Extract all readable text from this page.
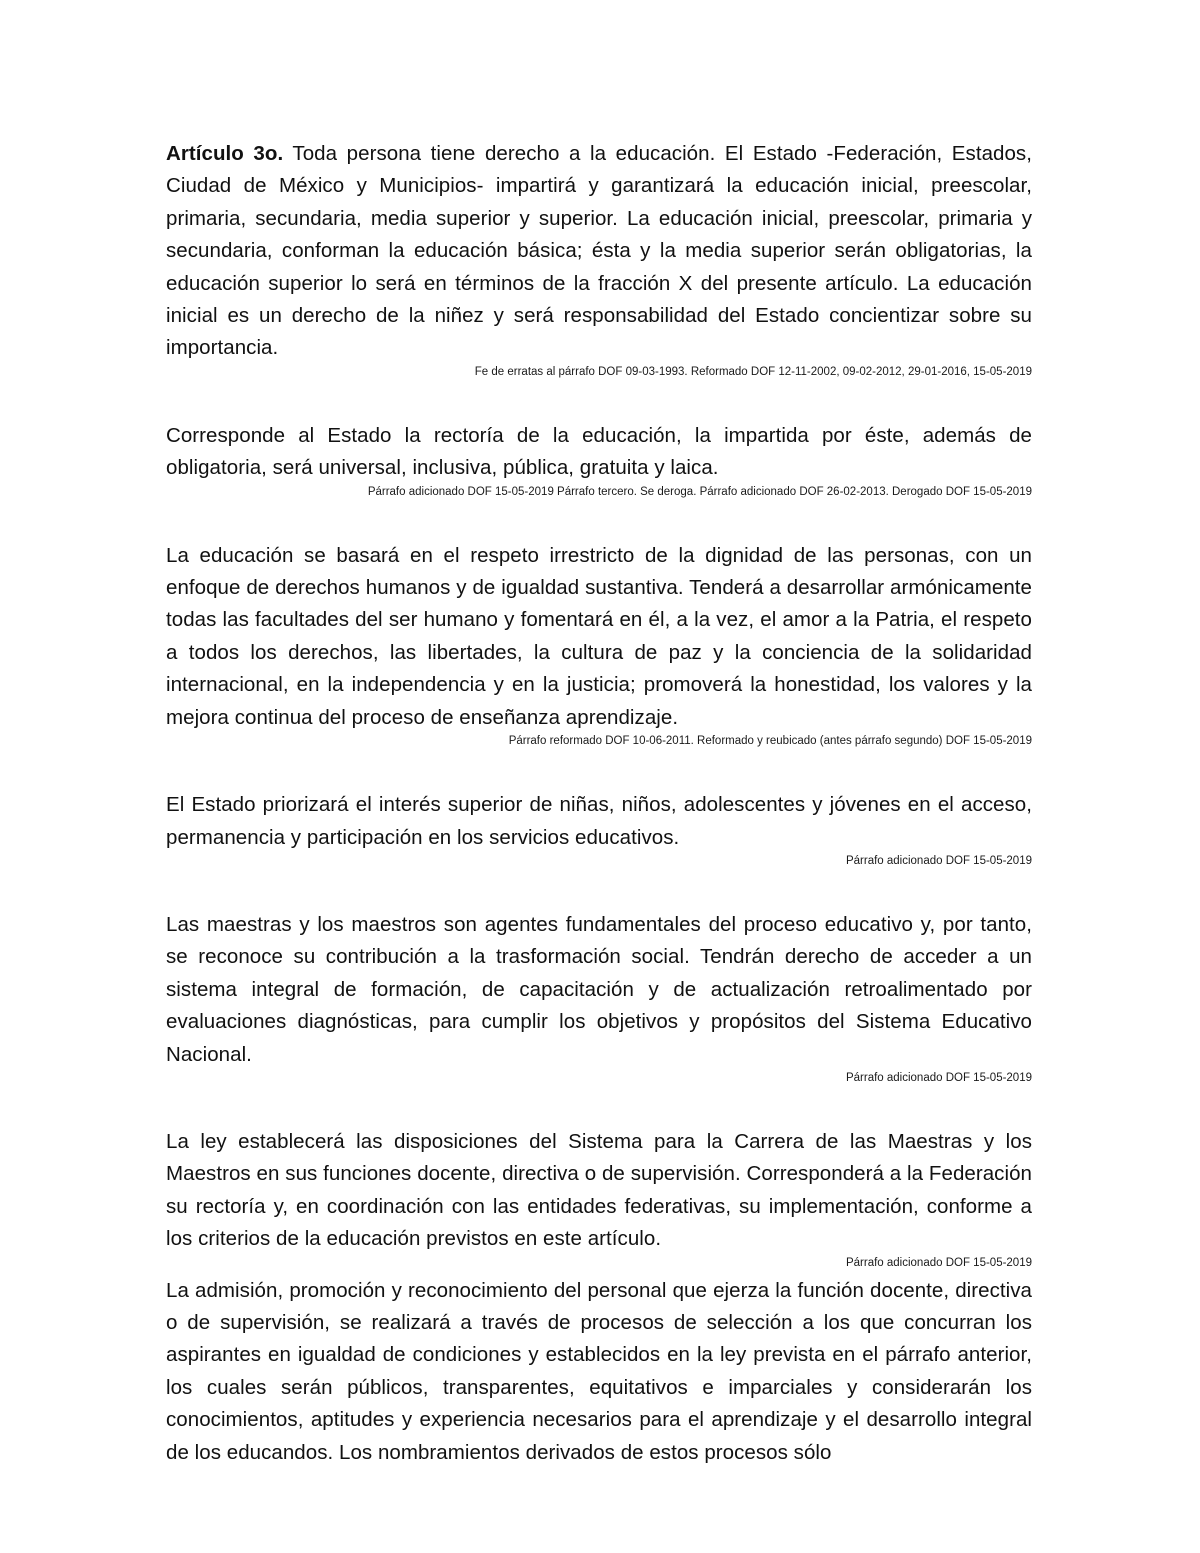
Artículo 3o. Toda persona tiene derecho a la educación. El Estado -Federación, Estados, Ciudad de México y Municipios- impartirá y garantizará la educación inicial, preescolar, primaria, secundaria, media superior y superior. La educación inicial, preescolar, primaria y secundaria, conforman la educación básica; ésta y la media superior serán obligatorias, la educación superior lo será en términos de la fracción X del presente artículo. La educación inicial es un derecho de la niñez y será responsabilidad del Estado concientizar sobre su importancia.

Fe de erratas al párrafo DOF 09-03-1993. Reformado DOF 12-11-2002, 09-02-2012, 29-01-2016, 15-05-2019

Corresponde al Estado la rectoría de la educación, la impartida por éste, además de obligatoria, será universal, inclusiva, pública, gratuita y laica.

Párrafo adicionado DOF 15-05-2019 Párrafo tercero. Se deroga. Párrafo adicionado DOF 26-02-2013. Derogado DOF 15-05-2019

La educación se basará en el respeto irrestricto de la dignidad de las personas, con un enfoque de derechos humanos y de igualdad sustantiva. Tenderá a desarrollar armónicamente todas las facultades del ser humano y fomentará en él, a la vez, el amor a la Patria, el respeto a todos los derechos, las libertades, la cultura de paz y la conciencia de la solidaridad internacional, en la independencia y en la justicia; promoverá la honestidad, los valores y la mejora continua del proceso de enseñanza aprendizaje.

Párrafo reformado DOF 10-06-2011. Reformado y reubicado (antes párrafo segundo) DOF 15-05-2019

El Estado priorizará el interés superior de niñas, niños, adolescentes y jóvenes en el acceso, permanencia y participación en los servicios educativos.

Párrafo adicionado DOF 15-05-2019

Las maestras y los maestros son agentes fundamentales del proceso educativo y, por tanto, se reconoce su contribución a la trasformación social. Tendrán derecho de acceder a un sistema integral de formación, de capacitación y de actualización retroalimentado por evaluaciones diagnósticas, para cumplir los objetivos y propósitos del Sistema Educativo Nacional.

Párrafo adicionado DOF 15-05-2019

La ley establecerá las disposiciones del Sistema para la Carrera de las Maestras y los Maestros en sus funciones docente, directiva o de supervisión. Corresponderá a la Federación su rectoría y, en coordinación con las entidades federativas, su implementación, conforme a los criterios de la educación previstos en este artículo.

Párrafo adicionado DOF 15-05-2019

La admisión, promoción y reconocimiento del personal que ejerza la función docente, directiva o de supervisión, se realizará a través de procesos de selección a los que concurran los aspirantes en igualdad de condiciones y establecidos en la ley prevista en el párrafo anterior, los cuales serán públicos, transparentes, equitativos e imparciales y considerarán los conocimientos, aptitudes y experiencia necesarios para el aprendizaje y el desarrollo integral de los educandos. Los nombramientos derivados de estos procesos sólo
